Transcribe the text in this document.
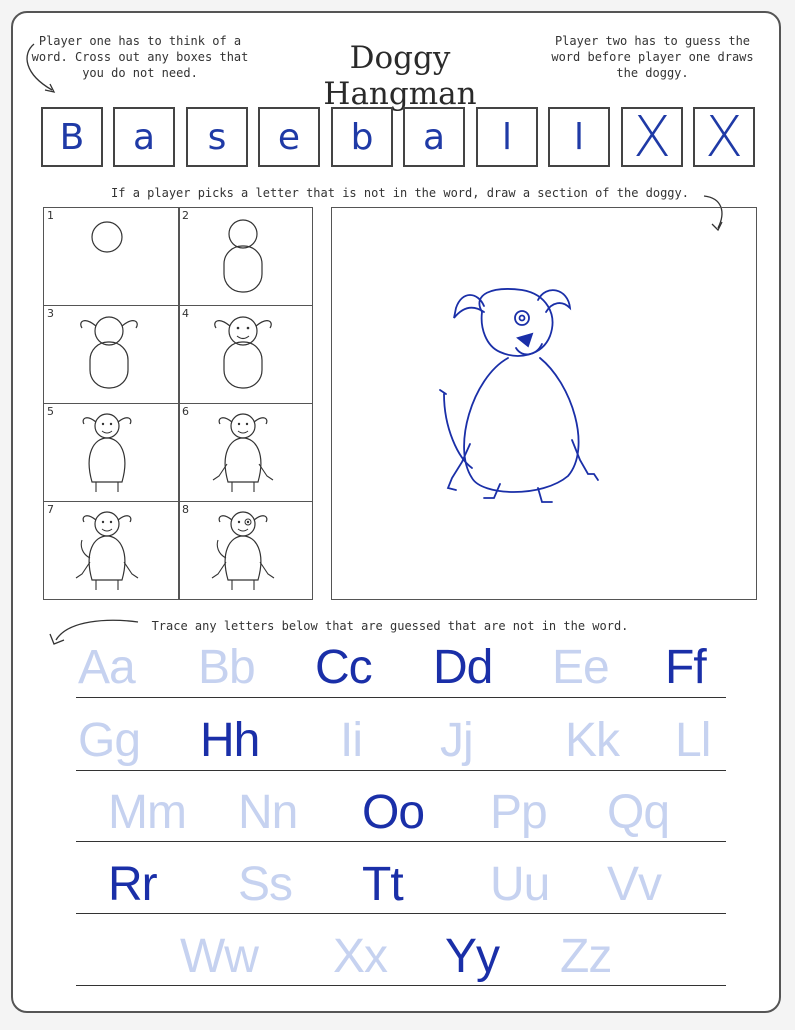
Player one has to think of a word. Cross out any boxes that you do not need.	Doggy Hangman
Player two has to guess the word before player one draws the doggy.
B a s e b a l l X X
If a player picks a letter that is not in the word, draw a section of the doggy.
1	2
3	4
5	6
7	8
Trace any letters below that are guessed that are not in the word.
Aa Bb Cc Dd Ee Ff
Gg Hh Ii Jj Kk Ll
Mm Nn Oo Pp Qq
Rr Ss Tt Uu Vv
Ww Xx Yy Zz
